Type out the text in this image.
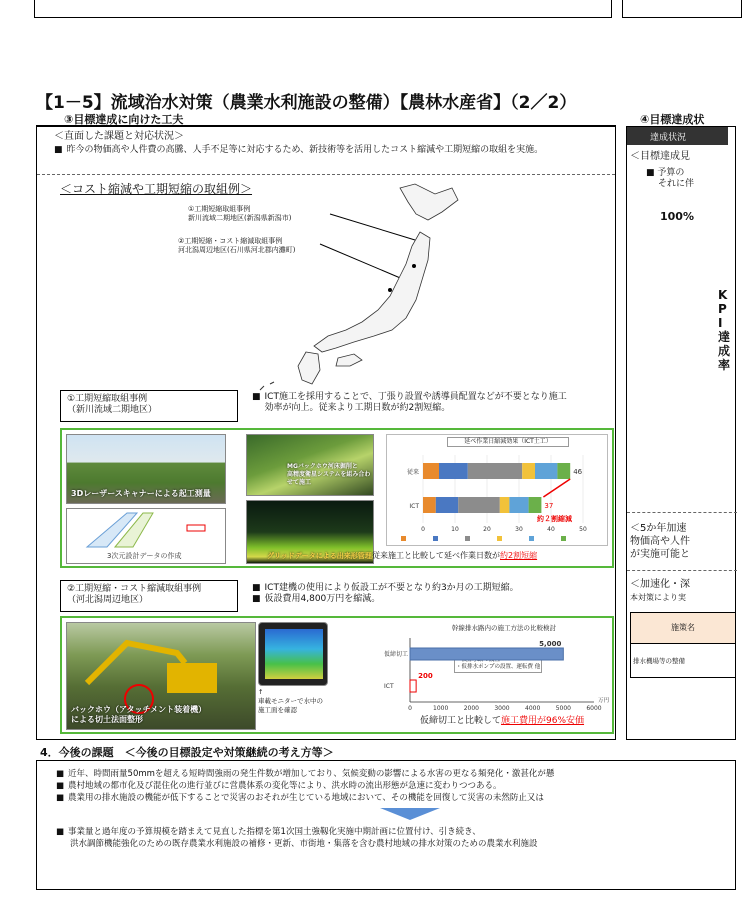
【1－5】流域治水対策（農業水利施設の整備）【農林水産省】（2／2）
③目標達成に向けた工夫
＜直面した課題と対応状況＞
■ 昨今の物価高や人件費の高騰、人手不足等に対応するため、新技術等を活用したコスト縮減や工期短縮の取組を実施。
＜コスト縮減や工期短縮の取組例＞
①工期短縮取組事例
新川流域二期地区(新潟県新潟市)
②工期短縮・コスト縮減取組事例
河北潟周辺地区(石川県河北郡内灘町)
①工期短縮取組事例
（新川流域二期地区）
■ ICT施工を採用することで、丁張り設置や誘導員配置などが不要となり施工効率が向上。従来より工期日数が約2割短縮。
3Dレーザースキャナーによる起工測量
3次元設計データの作成
MGバックホウ河床掘削と
高精度衛星システムを組み合わせて施工
グリッドデータによる出来形管理
延べ作業日縮減効果（ICT土工）
0	10	20	30	40	50
従来	46
ICT	37
約２割縮減
従来施工と比較して延べ作業日数が約2割短縮
②工期短縮・コスト縮減取組事例
（河北潟周辺地区）
■ ICT建機の使用により仮設工が不要となり約3か月の工期短縮。
■ 仮設費用4,800万円を縮減。
バックホウ（アタッチメント装着機）
による切土法面整形
↑
車載モニターで水中の
施工面を確認
幹線排水路内の施工方法の比較検討
・仮排水ポンプの設置、運転費 他
0	1000	2000	3000	4000	5000	6000
万円
仮締切工
5,000
ICT
200
仮締切工と比較して施工費用が96%安価
④目標達成状
達成状況
＜目標達成見
■ 予算の
それに伴
100%
K
P
I
達
成
率
＜5か年加速
物価高や人件
が実施可能と
＜加速化・深
本対策により実
施策名
排水機場等の整備
4．今後の課題　＜今後の目標設定や対策継続の考え方等＞
■ 近年、時間雨量50mmを超える短時間強雨の発生件数が増加しており、気候変動の影響による水害の更なる頻発化・激甚化が懸
■ 農村地域の都市化及び混住化の進行並びに営農体系の変化等により、洪水時の流出形態が急速に変わりつつある。
■ 農業用の排水施設の機能が低下することで災害のおそれが生じている地域において、その機能を回復して災害の未然防止又は
■ 事業量と過年度の予算規模を踏まえて見直した指標を第1次国土強靱化実施中期計画に位置付け、引き続き、
洪水調節機能強化のための既存農業水利施設の補修・更新、市街地・集落を含む農村地域の排水対策のための農業水利施設
